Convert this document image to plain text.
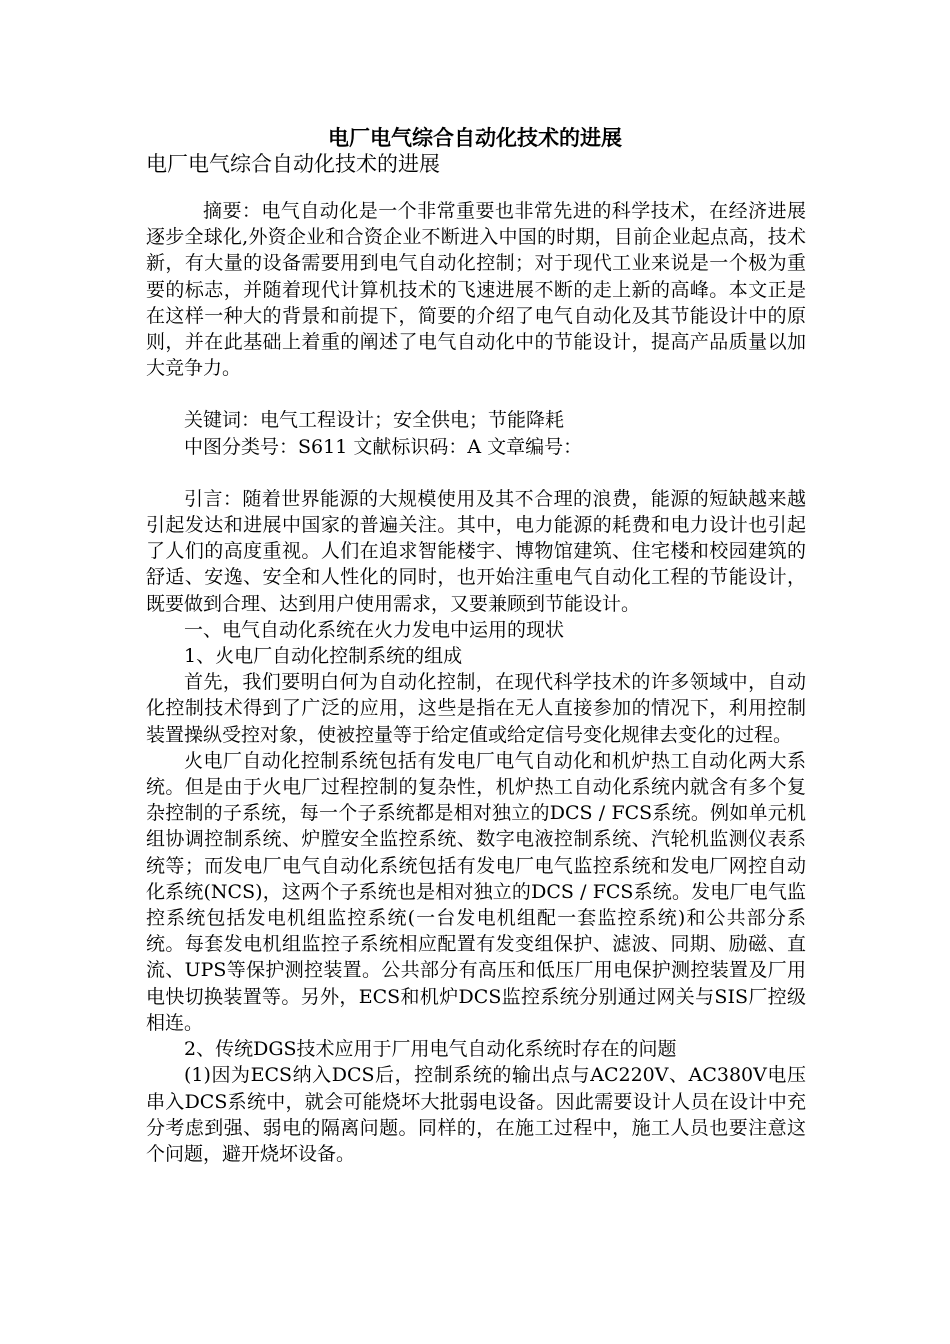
电厂电气综合自动化技术的进展
电厂电气综合自动化技术的进展

摘要：电气自动化是一个非常重要也非常先进的科学技术，在经济进展逐步全球化,外资企业和合资企业不断进入中国的时期，目前企业起点高，技术新，有大量的设备需要用到电气自动化控制；对于现代工业来说是一个极为重要的标志，并随着现代计算机技术的飞速进展不断的走上新的高峰。本文正是在这样一种大的背景和前提下，简要的介绍了电气自动化及其节能设计中的原则，并在此基础上着重的阐述了电气自动化中的节能设计，提高产品质量以加大竞争力。

关键词：电气工程设计；安全供电；节能降耗

中图分类号：S611 文献标识码：A 文章编号：

引言：随着世界能源的大规模使用及其不合理的浪费，能源的短缺越来越引起发达和进展中国家的普遍关注。其中，电力能源的耗费和电力设计也引起了人们的高度重视。人们在追求智能楼宇、博物馆建筑、住宅楼和校园建筑的舒适、安逸、安全和人性化的同时，也开始注重电气自动化工程的节能设计，既要做到合理、达到用户使用需求，又要兼顾到节能设计。

一、电气自动化系统在火力发电中运用的现状

1、火电厂自动化控制系统的组成

首先，我们要明白何为自动化控制，在现代科学技术的许多领域中，自动化控制技术得到了广泛的应用，这些是指在无人直接参加的情况下，利用控制装置操纵受控对象，使被控量等于给定值或给定信号变化规律去变化的过程。

火电厂自动化控制系统包括有发电厂电气自动化和机炉热工自动化两大系统。但是由于火电厂过程控制的复杂性，机炉热工自动化系统内就含有多个复杂控制的子系统，每一个子系统都是相对独立的DCS / FCS系统。例如单元机组协调控制系统、炉膛安全监控系统、数字电液控制系统、汽轮机监测仪表系统等；而发电厂电气自动化系统包括有发电厂电气监控系统和发电厂网控自动化系统(NCS)，这两个子系统也是相对独立的DCS / FCS系统。发电厂电气监控系统包括发电机组监控系统(一台发电机组配一套监控系统)和公共部分系统。每套发电机组监控子系统相应配置有发变组保护、滤波、同期、励磁、直流、UPS等保护测控装置。公共部分有高压和低压厂用电保护测控装置及厂用电快切换装置等。另外，ECS和机炉DCS监控系统分别通过网关与SIS厂控级相连。

2、传统DGS技术应用于厂用电气自动化系统时存在的问题

(1)因为ECS纳入DCS后，控制系统的输出点与AC220V、AC380V电压串入DCS系统中，就会可能烧坏大批弱电设备。因此需要设计人员在设计中充分考虑到强、弱电的隔离问题。同样的，在施工过程中，施工人员也要注意这个问题，避开烧坏设备。
